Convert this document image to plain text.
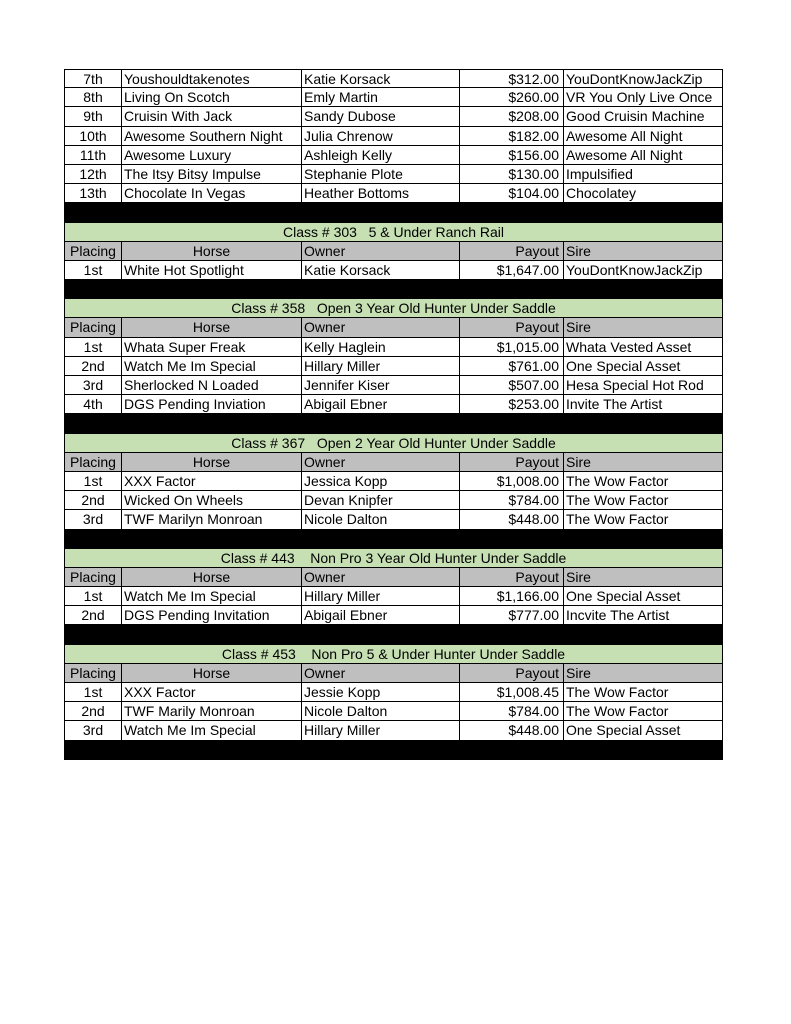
7th	Youshouldtakenotes	Katie Korsack	$312.00 YouDontKnowJackZip
8th	Living On Scotch	Emly Martin	$260.00 VR You Only Live Once
9th	Cruisin With Jack	Sandy Dubose	$208.00 Good Cruisin Machine
10th	Awesome Southern Night	Julia Chrenow	$182.00 Awesome All Night
11th	Awesome Luxury	Ashleigh Kelly	$156.00 Awesome All Night
12th	The Itsy Bitsy Impulse	Stephanie Plote	$130.00 Impulsified
13th	Chocolate In Vegas	Heather Bottoms	$104.00 Chocolatey
Class # 303   5 & Under Ranch Rail
Placing	Horse	Owner	Payout Sire
1st	White Hot Spotlight	Katie Korsack	$1,647.00 YouDontKnowJackZip
Class # 358   Open 3 Year Old Hunter Under Saddle
Placing	Horse	Owner	Payout Sire
1st	Whata Super Freak	Kelly Haglein	$1,015.00 Whata Vested Asset
2nd	Watch Me Im Special	Hillary Miller	$761.00 One Special Asset
3rd	Sherlocked N Loaded	Jennifer Kiser	$507.00 Hesa Special Hot Rod
4th	DGS Pending Inviation	Abigail Ebner	$253.00 Invite The Artist
Class # 367   Open 2 Year Old Hunter Under Saddle
Placing	Horse	Owner	Payout Sire
1st	XXX Factor	Jessica Kopp	$1,008.00 The Wow Factor
2nd	Wicked On Wheels	Devan Knipfer	$784.00 The Wow Factor
3rd	TWF Marilyn Monroan	Nicole Dalton	$448.00 The Wow Factor
Class # 443    Non Pro 3 Year Old Hunter Under Saddle
Placing	Horse	Owner	Payout Sire
1st	Watch Me Im Special	Hillary Miller	$1,166.00 One Special Asset
2nd	DGS Pending Invitation	Abigail Ebner	$777.00 Incvite The Artist
Class # 453    Non Pro 5 & Under Hunter Under Saddle
Placing	Horse	Owner	Payout Sire
1st	XXX Factor	Jessie Kopp	$1,008.45 The Wow Factor
2nd	TWF Marily Monroan	Nicole Dalton	$784.00 The Wow Factor
3rd	Watch Me Im Special	Hillary Miller	$448.00 One Special Asset
